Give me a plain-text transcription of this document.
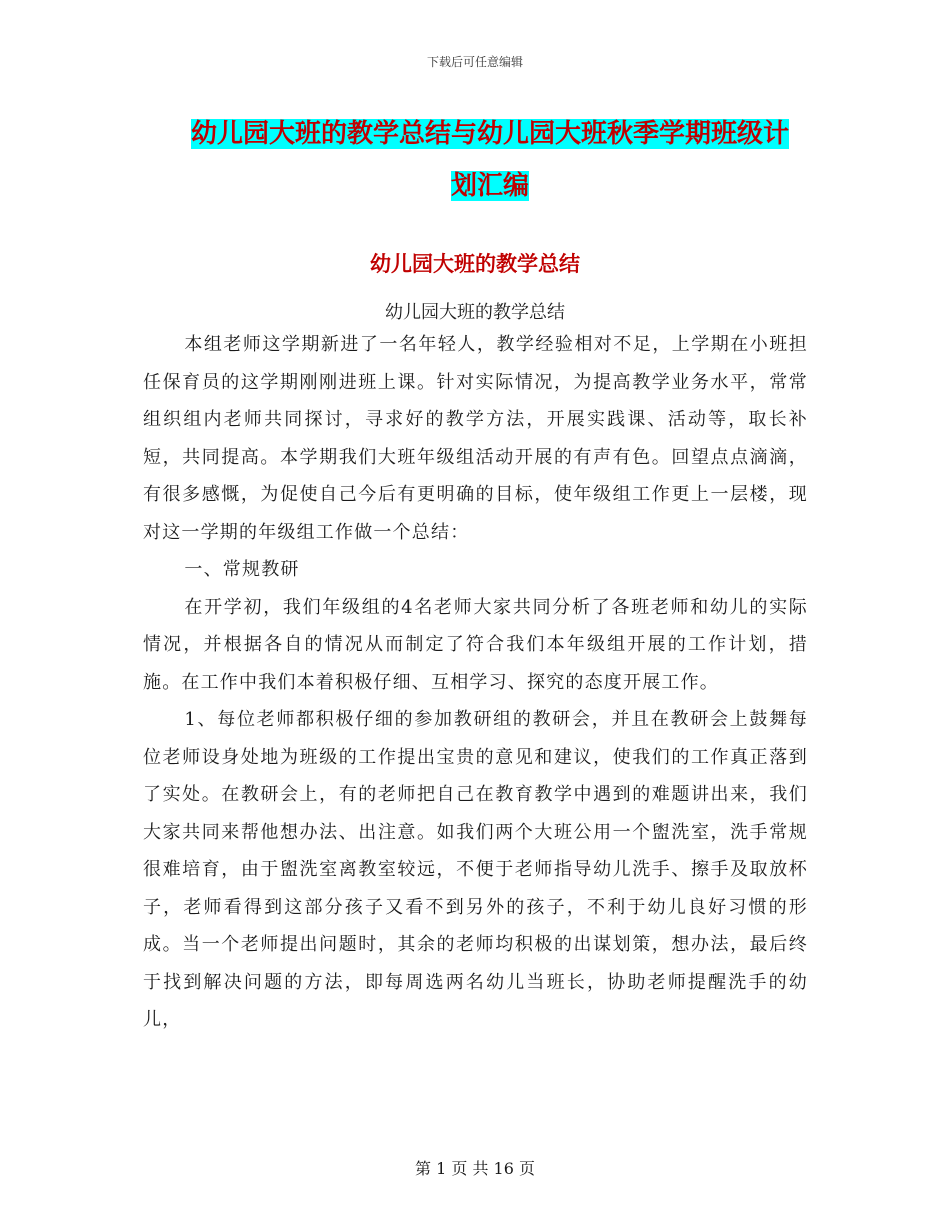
下载后可任意编辑
幼儿园大班的教学总结与幼儿园大班秋季学期班级计
划汇编
幼儿园大班的教学总结
幼儿园大班的教学总结

本组老师这学期新进了一名年轻人，教学经验相对不足，上学期在小班担任保育员的这学期刚刚进班上课。针对实际情况，为提高教学业务水平，常常组织组内老师共同探讨，寻求好的教学方法，开展实践课、活动等，取长补短，共同提高。本学期我们大班年级组活动开展的有声有色。回望点点滴滴，有很多感慨，为促使自己今后有更明确的目标，使年级组工作更上一层楼，现对这一学期的年级组工作做一个总结：

一、常规教研

在开学初，我们年级组的4名老师大家共同分析了各班老师和幼儿的实际情况，并根据各自的情况从而制定了符合我们本年级组开展的工作计划，措施。在工作中我们本着积极仔细、互相学习、探究的态度开展工作。

1、每位老师都积极仔细的参加教研组的教研会，并且在教研会上鼓舞每位老师设身处地为班级的工作提出宝贵的意见和建议，使我们的工作真正落到了实处。在教研会上，有的老师把自己在教育教学中遇到的难题讲出来，我们大家共同来帮他想办法、出注意。如我们两个大班公用一个盥洗室，洗手常规很难培育，由于盥洗室离教室较远，不便于老师指导幼儿洗手、擦手及取放杯子，老师看得到这部分孩子又看不到另外的孩子，不利于幼儿良好习惯的形成。当一个老师提出问题时，其余的老师均积极的出谋划策，想办法，最后终于找到解决问题的方法，即每周选两名幼儿当班长，协助老师提醒洗手的幼儿，

第 1 页 共 16 页
